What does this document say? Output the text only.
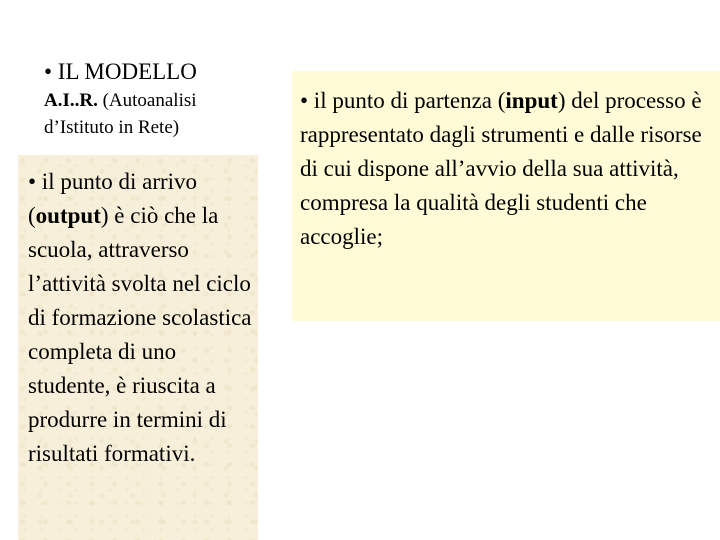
• IL MODELLO
A.I..R. (Autoanalisi
d’Istituto in Rete)

• il punto di arrivo (output) è ciò che la scuola, attraverso l’attività svolta nel ciclo di formazione scolastica completa di uno studente, è riuscita a produrre in termini di risultati formativi.

• il punto di partenza (input) del processo è rappresentato dagli strumenti e dalle risorse di cui dispone all’avvio della sua attività, compresa la qualità degli studenti che accoglie;
